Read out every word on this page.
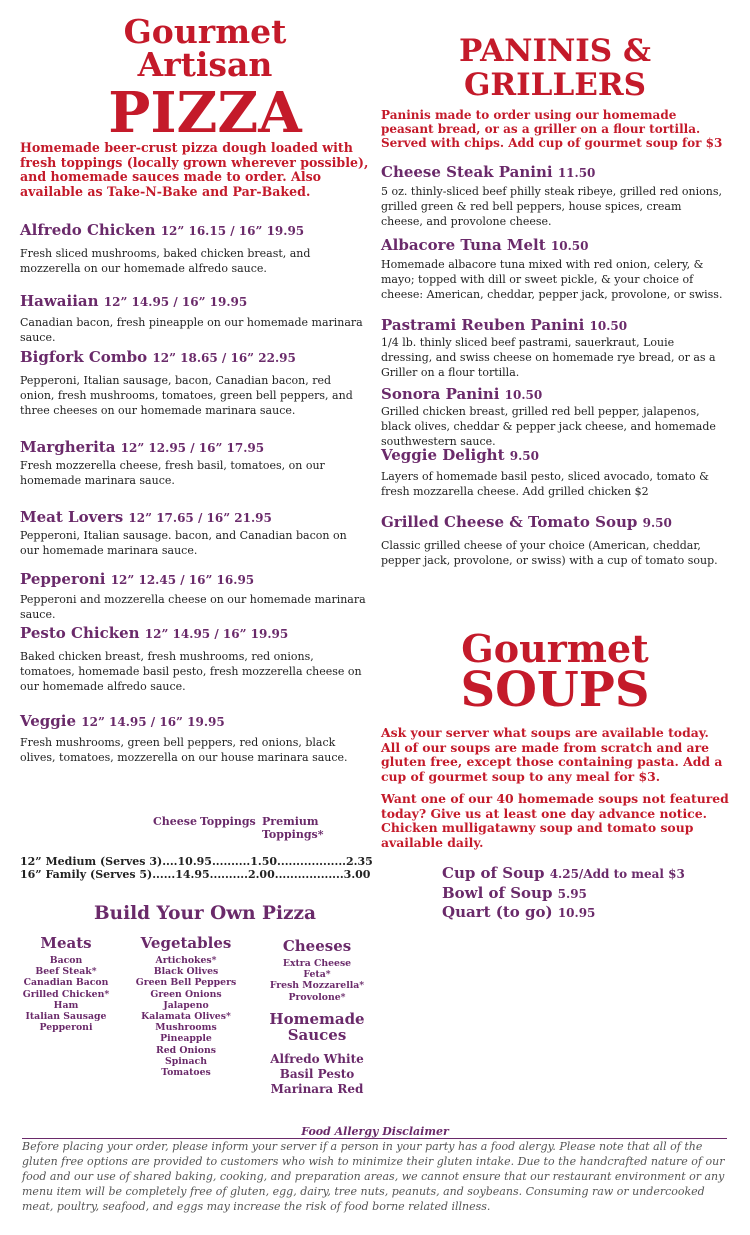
Gourmet
Artisan
PIZZA
Homemade beer-crust pizza dough loaded with fresh toppings (locally grown wherever possible), and homemade sauces made to order. Also available as Take-N-Bake and Par-Baked.
Alfredo Chicken 12” 16.15 / 16” 19.95
Fresh sliced mushrooms, baked chicken breast, and mozzerella on our homemade alfredo sauce.
Hawaiian 12” 14.95 / 16” 19.95
Canadian bacon, fresh pineapple on our homemade marinara sauce.
Bigfork Combo 12” 18.65 / 16” 22.95
Pepperoni, Italian sausage, bacon, Canadian bacon, red onion, fresh mushrooms, tomatoes, green bell peppers, and three cheeses on our homemade marinara sauce.
Margherita 12” 12.95 / 16” 17.95
Fresh mozzerella cheese, fresh basil, tomatoes, on our homemade marinara sauce.
Meat Lovers 12” 17.65 / 16” 21.95
Pepperoni, Italian sausage. bacon, and Canadian bacon on our homemade marinara sauce.
Pepperoni 12” 12.45 / 16” 16.95
Pepperoni and mozzerella cheese on our homemade marinara sauce.
Pesto Chicken 12” 14.95 / 16” 19.95
Baked chicken breast, fresh mushrooms, red onions, tomatoes, homemade basil pesto, fresh mozzerella cheese on our homemade alfredo sauce.
Veggie 12” 14.95 / 16” 19.95
Fresh mushrooms, green bell peppers, red onions, black olives, tomatoes, mozzerella on our house marinara sauce.
Cheese Toppings Premium Toppings*
12” Medium (Serves 3)....10.95..........1.50..................2.35
16” Family (Serves 5)......14.95..........2.00..................3.00
Build Your Own Pizza
Meats
Bacon
Beef Steak*
Canadian Bacon
Grilled Chicken*
Ham
Italian Sausage
Pepperoni
Vegetables
Artichokes*
Black Olives
Green Bell Peppers
Green Onions
Jalapeno
Kalamata Olives*
Mushrooms
Pineapple
Red Onions
Spinach
Tomatoes
Cheeses
Extra Cheese
Feta*
Fresh Mozzarella*
Provolone*
Homemade
Sauces
Alfredo White
Basil Pesto
Marinara Red
PANINIS &
GRILLERS
Paninis made to order using our homemade peasant bread, or as a griller on a flour tortilla. Served with chips. Add cup of gourmet soup for $3
Cheese Steak Panini 11.50
5 oz. thinly-sliced beef philly steak ribeye, grilled red onions, grilled green & red bell peppers, house spices, cream cheese, and provolone cheese.
Albacore Tuna Melt 10.50
Homemade albacore tuna mixed with red onion, celery, & mayo; topped with dill or sweet pickle, & your choice of cheese: American, cheddar, pepper jack, provolone, or swiss.
Pastrami Reuben Panini 10.50
1/4 lb. thinly sliced beef pastrami, sauerkraut, Louie dressing, and swiss cheese on homemade rye bread, or as a Griller on a flour tortilla.
Sonora Panini 10.50
Grilled chicken breast, grilled red bell pepper, jalapenos, black olives, cheddar & pepper jack cheese, and homemade southwestern sauce.
Veggie Delight 9.50
Layers of homemade basil pesto, sliced avocado, tomato & fresh mozzarella cheese. Add grilled chicken $2
Grilled Cheese & Tomato Soup 9.50
Classic grilled cheese of your choice (American, cheddar, pepper jack, provolone, or swiss) with a cup of tomato soup.
Gourmet
SOUPS
Ask your server what soups are available today. All of our soups are made from scratch and are gluten free, except those containing pasta. Add a cup of gourmet soup to any meal for $3.
Want one of our 40 homemade soups not featured today? Give us at least one day advance notice. Chicken mulligatawny soup and tomato soup available daily.
Cup of Soup 4.25/Add to meal $3
Bowl of Soup 5.95
Quart (to go) 10.95
Food Allergy Disclaimer
Before placing your order, please inform your server if a person in your party has a food alergy. Please note that all of the gluten free options are provided to customers who wish to minimize their gluten intake. Due to the handcrafted nature of our food and our use of shared baking, cooking, and preparation areas, we cannot ensure that our restaurant environment or any menu item will be completely free of gluten, egg, dairy, tree nuts, peanuts, and soybeans. Consuming raw or undercooked meat, poultry, seafood, and eggs may increase the risk of food borne related illness.
